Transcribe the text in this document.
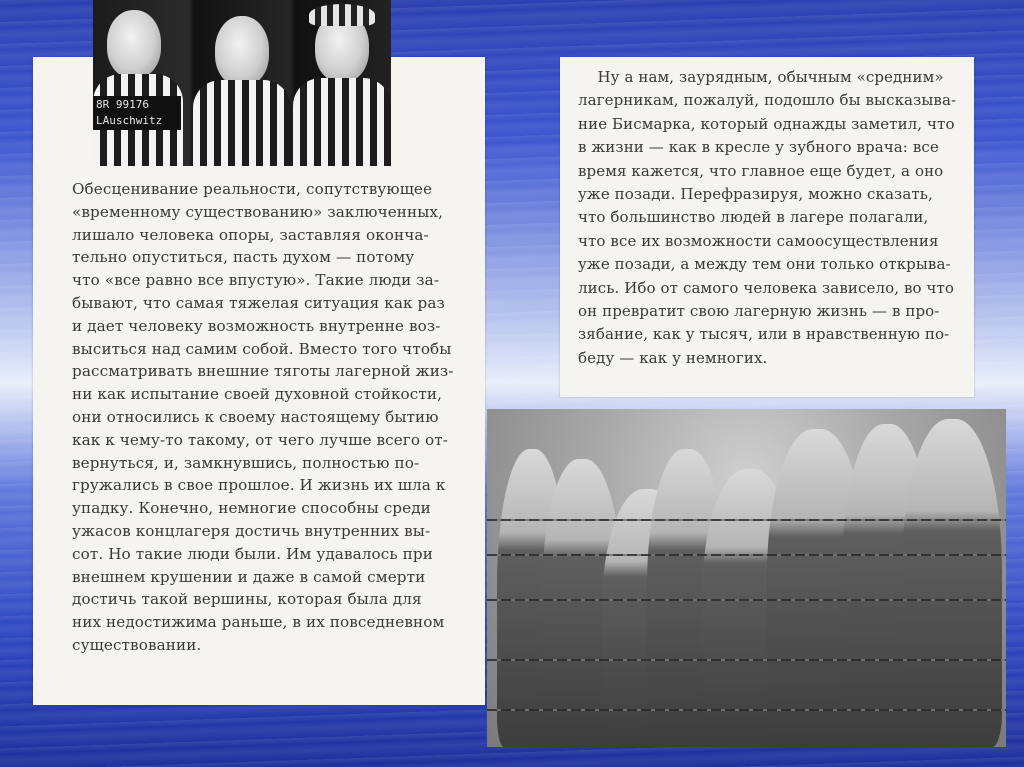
Обесценивание реальности, сопутствующее
«временному существованию» заключенных,
лишало человека опоры, заставляя оконча-
тельно опуститься, пасть духом — потому
что «все равно все впустую». Такие люди за-
бывают, что самая тяжелая ситуация как раз
и дает человеку возможность внутренне воз-
выситься над самим собой. Вместо того чтобы
рассматривать внешние тяготы лагерной жиз-
ни как испытание своей духовной стойкости,
они относились к своему настоящему бытию
как к чему-то такому, от чего лучше всего от-
вернуться, и, замкнувшись, полностью по-
гружались в свое прошлое. И жизнь их шла к
упадку. Конечно, немногие способны среди
ужасов концлагеря достичь внутренних вы-
сот. Но такие люди были. Им удавалось при
внешнем крушении и даже в самой смерти
достичь такой вершины, которая была для
них недостижима раньше, в их повседневном
существовании.
Ну а нам, заурядным, обычным «средним»
лагерникам, пожалуй, подошло бы высказыва-
ние Бисмарка, который однажды заметил, что
в жизни — как в кресле у зубного врача: все
время кажется, что главное еще будет, а оно
уже позади. Перефразируя, можно сказать,
что большинство людей в лагере полагали,
что все их возможности самоосуществления
уже позади, а между тем они только открыва-
лись. Ибо от самого человека зависело, во что
он превратит свою лагерную жизнь — в про-
зябание, как у тысяч, или в нравственную по-
беду — как у немногих.
8R 99176
LAuschwitz
